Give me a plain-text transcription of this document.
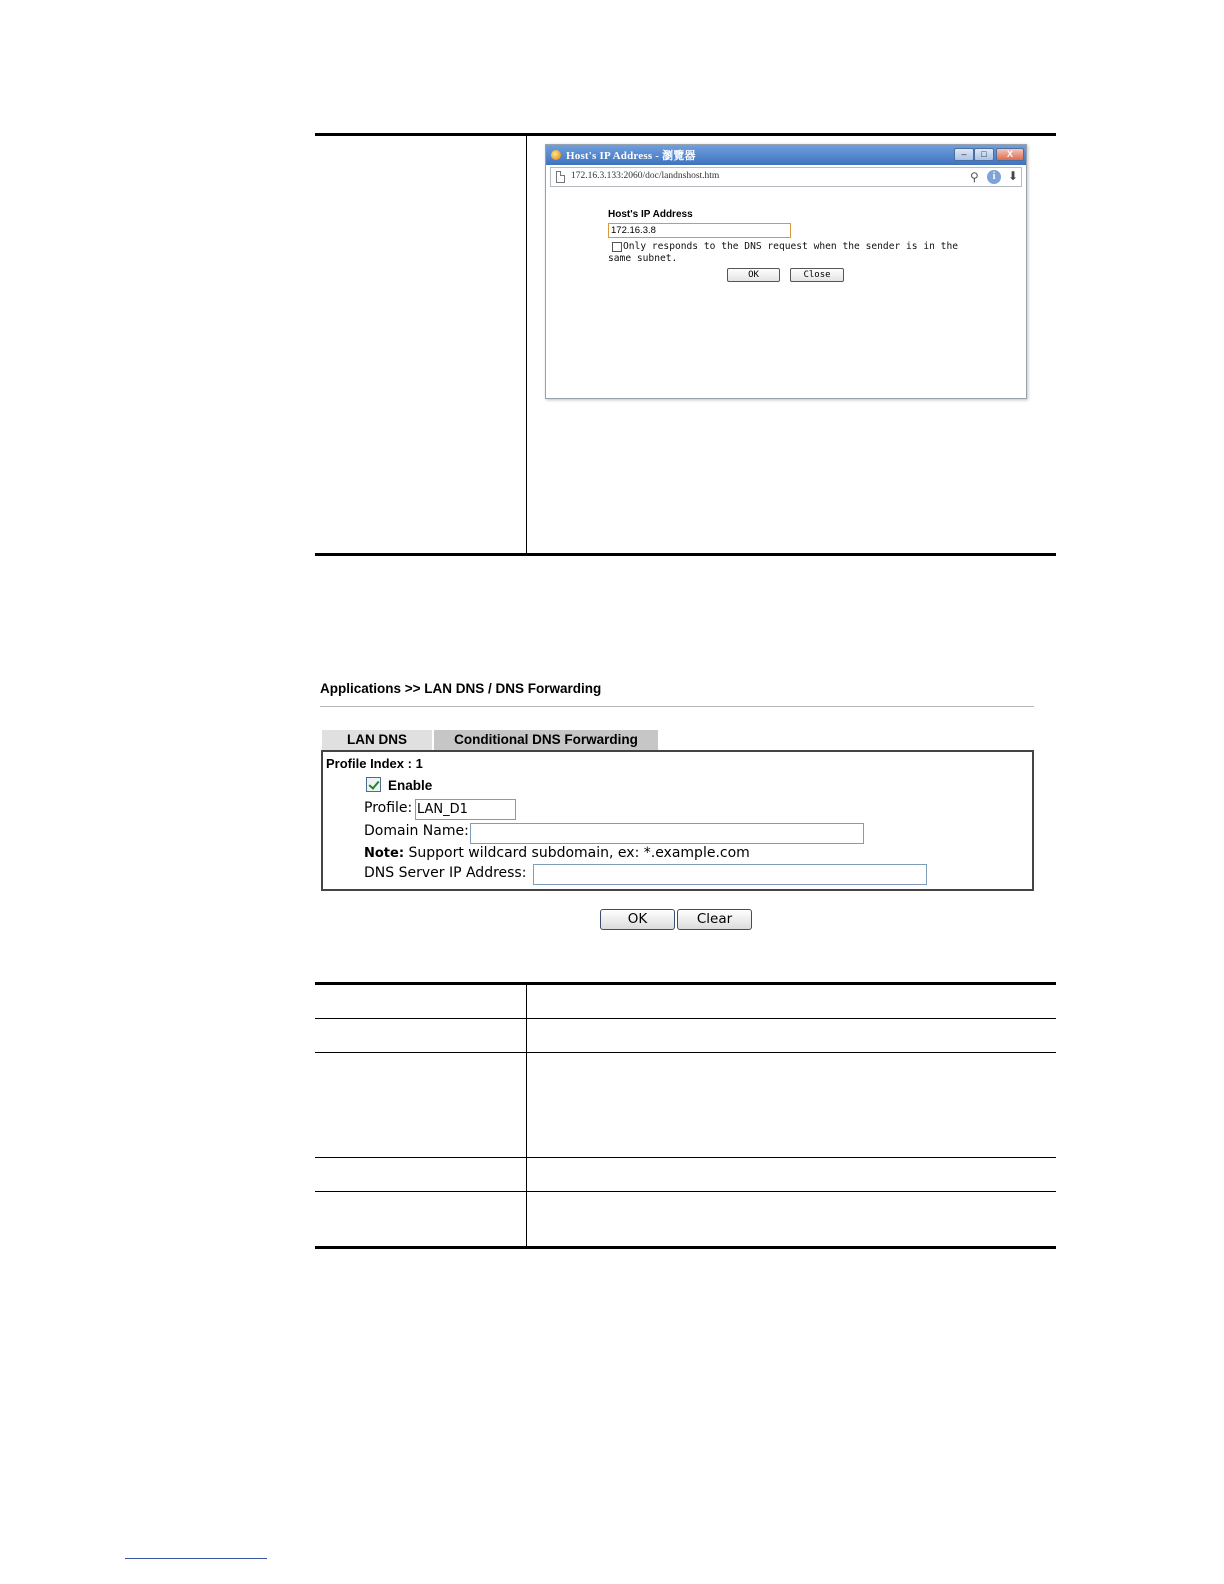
Host's IP Address - 瀏覽器	–	□	X
172.16.3.133:2060/doc/landnshost.htm	⚲	i	⬇
Host's IP Address
172.16.3.8
Only responds to the DNS request when the sender is in the same subnet.
OK	Close
Applications >> LAN DNS / DNS Forwarding
LAN DNS	Conditional DNS Forwarding
Profile Index : 1
Enable
Profile:
LAN_D1
Domain Name:
Note: Support wildcard subdomain, ex: *.example.com
DNS Server IP Address:
OK	Clear
